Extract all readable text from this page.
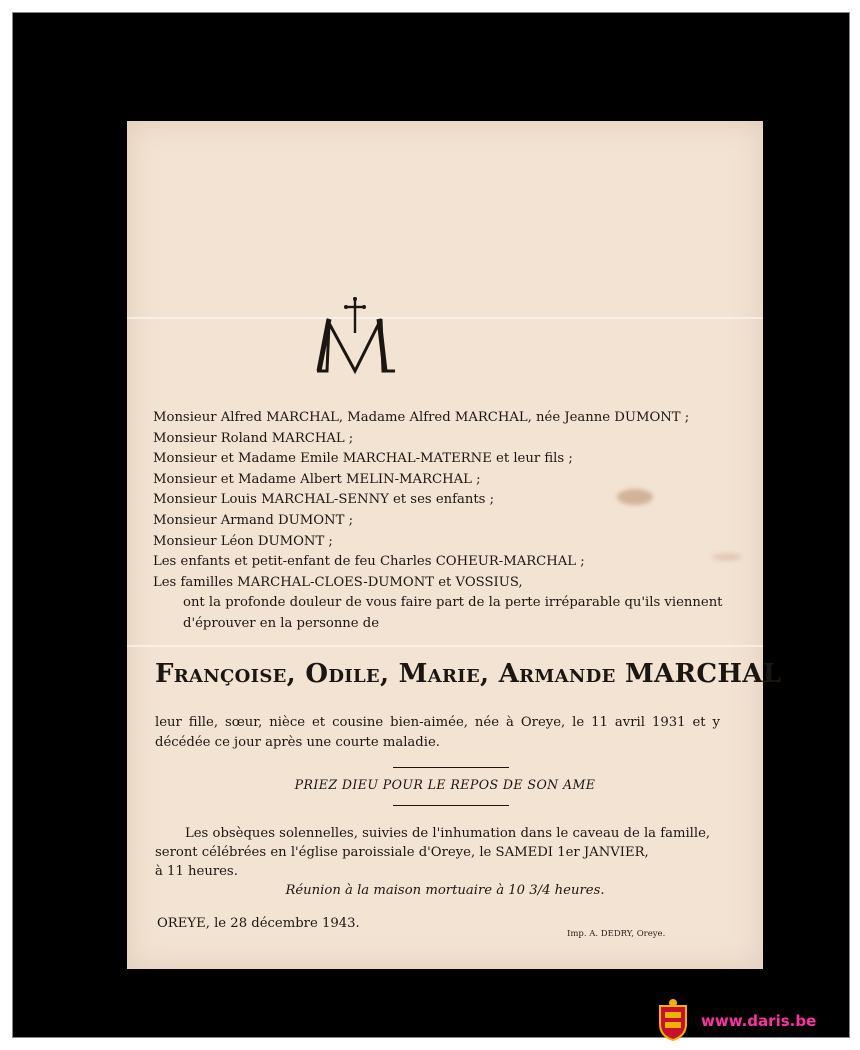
Monsieur Alfred MARCHAL, Madame Alfred MARCHAL, née Jeanne DUMONT ;
Monsieur Roland MARCHAL ;
Monsieur et Madame Emile MARCHAL-MATERNE et leur fils ;
Monsieur et Madame Albert MELIN-MARCHAL ;
Monsieur Louis MARCHAL-SENNY et ses enfants ;
Monsieur Armand DUMONT ;
Monsieur Léon DUMONT ;
Les enfants et petit-enfant de feu Charles COHEUR-MARCHAL ;
Les familles MARCHAL-CLOES-DUMONT et VOSSIUS,
ont la profonde douleur de vous faire part de la perte irréparable qu'ils viennent
d'éprouver en la personne de
Françoise, Odile, Marie, Armande MARCHAL
leur fille, sœur, nièce et cousine bien-aimée, née à Oreye, le 11 avril 1931 et y décédée ce jour après une courte maladie.
PRIEZ DIEU POUR LE REPOS DE SON AME
Les obsèques solennelles, suivies de l'inhumation dans le caveau de la famille,
seront célébrées en l'église paroissiale d'Oreye, le SAMEDI 1er JANVIER,
à 11 heures.
Réunion à la maison mortuaire à 10 3/4 heures.
OREYE, le 28 décembre 1943.
Imp. A. DEDRY, Oreye.
www.daris.be
